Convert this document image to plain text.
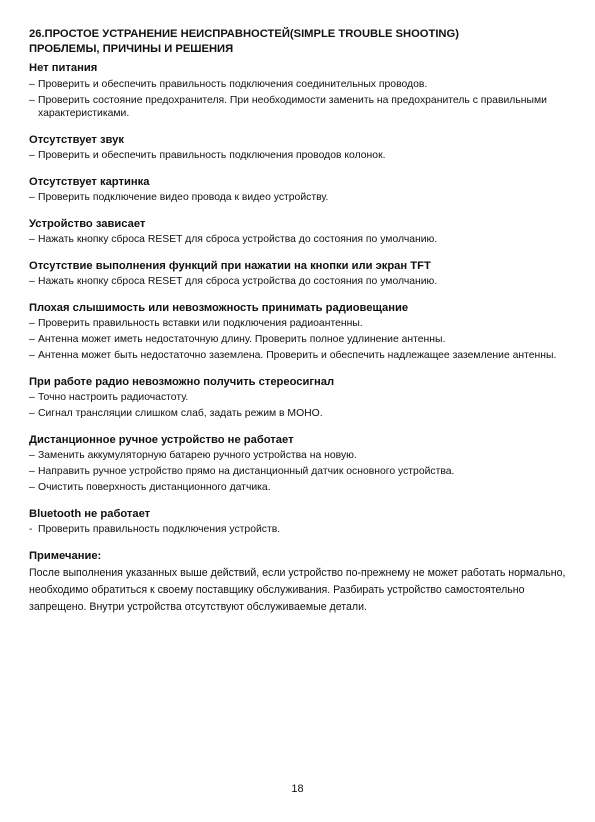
26.ПРОСТОЕ УСТРАНЕНИЕ НЕИСПРАВНОСТЕЙ(SIMPLE TROUBLE SHOOTING)

ПРОБЛЕМЫ, ПРИЧИНЫ И РЕШЕНИЯ

Нет питания

– Проверить и обеспечить правильность подключения соединительных проводов.

– Проверить состояние предохранителя. При необходимости заменить на предохранитель с правильными характеристиками.

Отсутствует звук

– Проверить и обеспечить правильность подключения проводов колонок.

Отсутствует картинка

– Проверить подключение видео провода к видео устройству.

Устройство зависает

– Нажать кнопку сброса RESET для сброса устройства до состояния по умолчанию.

Отсутствие выполнения функций при нажатии на кнопки или экран TFT

– Нажать кнопку сброса RESET для сброса устройства до состояния по умолчанию.

Плохая слышимость или невозможность принимать радиовещание

– Проверить правильность вставки или подключения радиоантенны.

– Антенна может иметь недостаточную длину. Проверить полное удлинение антенны.

– Антенна может быть недостаточно заземлена. Проверить и обеспечить надлежащее заземление антенны.

При работе радио невозможно получить стереосигнал

– Точно настроить радиочастоту.

– Сигнал трансляции слишком слаб, задать режим в МОНО.

Дистанционное ручное устройство не работает

– Заменить аккумуляторную батарею ручного устройства на новую.

– Направить ручное устройство прямо на дистанционный датчик основного устройства.

– Очистить поверхность дистанционного датчика.

Bluetooth не работает

- Проверить правильность подключения устройств.

Примечание:

После выполнения указанных выше действий, если устройство по-прежнему не может работать нормально, необходимо обратиться к своему поставщику обслуживания. Разбирать устройство самостоятельно запрещено. Внутри устройства отсутствуют обслуживаемые детали.

18
